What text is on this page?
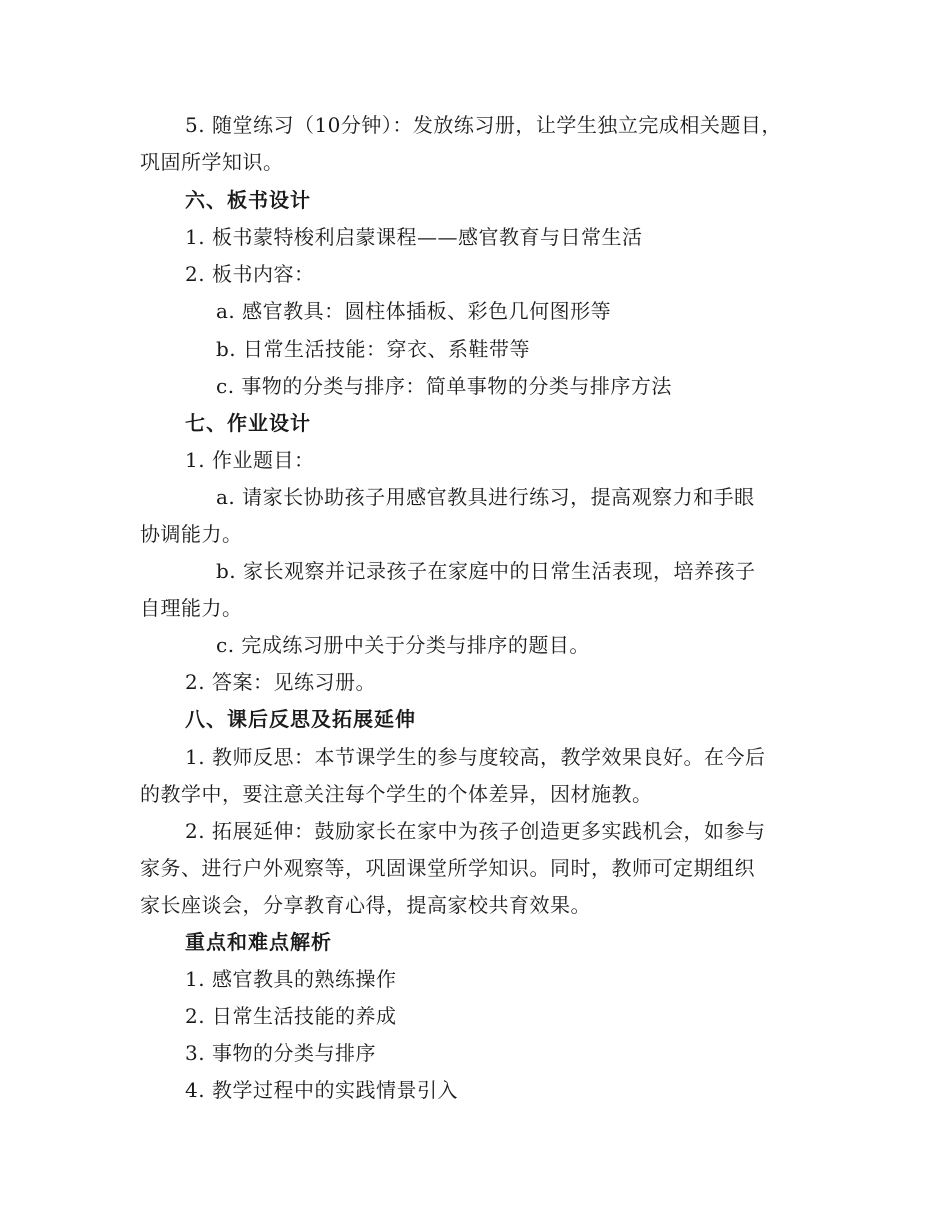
5. 随堂练习（10分钟）：发放练习册，让学生独立完成相关题目，
巩固所学知识。
六、板书设计
1. 板书蒙特梭利启蒙课程——感官教育与日常生活
2. 板书内容：
a. 感官教具：圆柱体插板、彩色几何图形等
b. 日常生活技能：穿衣、系鞋带等
c. 事物的分类与排序：简单事物的分类与排序方法
七、作业设计
1. 作业题目：
a. 请家长协助孩子用感官教具进行练习，提高观察力和手眼
协调能力。
b. 家长观察并记录孩子在家庭中的日常生活表现，培养孩子
自理能力。
c. 完成练习册中关于分类与排序的题目。
2. 答案：见练习册。
八、课后反思及拓展延伸
1. 教师反思：本节课学生的参与度较高，教学效果良好。在今后
的教学中，要注意关注每个学生的个体差异，因材施教。
2. 拓展延伸：鼓励家长在家中为孩子创造更多实践机会，如参与
家务、进行户外观察等，巩固课堂所学知识。同时，教师可定期组织
家长座谈会，分享教育心得，提高家校共育效果。
重点和难点解析
1. 感官教具的熟练操作
2. 日常生活技能的养成
3. 事物的分类与排序
4. 教学过程中的实践情景引入
